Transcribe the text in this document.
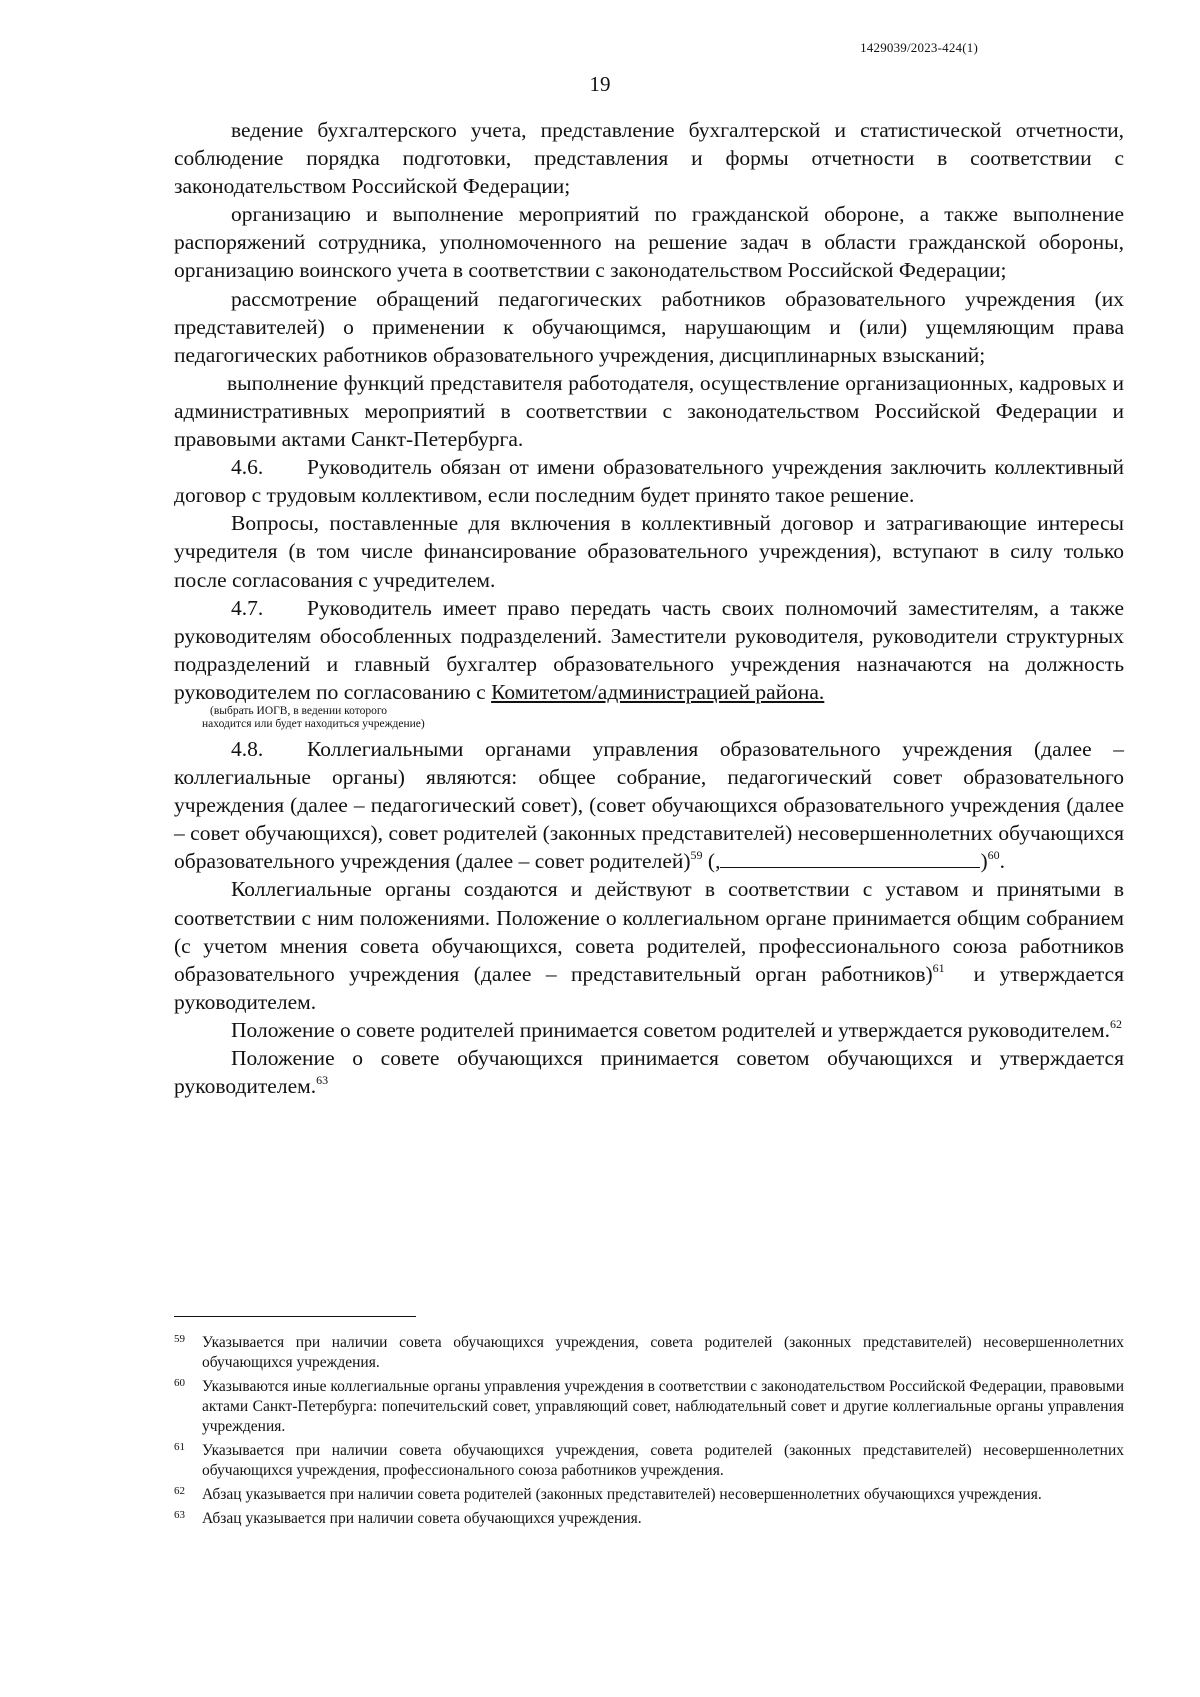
1429039/2023-424(1)
19

ведение бухгалтерского учета, представление бухгалтерской и статистической отчетности, соблюдение порядка подготовки, представления и формы отчетности в соответствии с законодательством Российской Федерации;

организацию и выполнение мероприятий по гражданской обороне, а также выполнение распоряжений сотрудника, уполномоченного на решение задач в области гражданской обороны, организацию воинского учета в соответствии с законодательством Российской Федерации;

рассмотрение обращений педагогических работников образовательного учреждения (их представителей) о применении к обучающимся, нарушающим и (или) ущемляющим права педагогических работников образовательного учреждения, дисциплинарных взысканий;

выполнение функций представителя работодателя, осуществление организационных, кадровых и административных мероприятий в соответствии с законодательством Российской Федерации и правовыми актами Санкт-Петербурга.

4.6. Руководитель обязан от имени образовательного учреждения заключить коллективный договор с трудовым коллективом, если последним будет принято такое решение.

Вопросы, поставленные для включения в коллективный договор и затрагивающие интересы учредителя (в том числе финансирование образовательного учреждения), вступают в силу только после согласования с учредителем.

4.7. Руководитель имеет право передать часть своих полномочий заместителям, а также руководителям обособленных подразделений. Заместители руководителя, руководители структурных подразделений и главный бухгалтер образовательного учреждения назначаются на должность руководителем по согласованию с Комитетом/администрацией района.

(выбрать ИОГВ, в ведении которого
находится или будет находиться учреждение)

4.8. Коллегиальными органами управления образовательного учреждения (далее – коллегиальные органы) являются: общее собрание, педагогический совет образовательного учреждения (далее – педагогический совет), (совет обучающихся образовательного учреждения (далее – совет обучающихся), совет родителей (законных представителей) несовершеннолетних обучающихся образовательного учреждения (далее – совет родителей)$^{59}$ (,	)$^{60}$.

Коллегиальные органы создаются и действуют в соответствии с уставом и принятыми в соответствии с ним положениями. Положение о коллегиальном органе принимается общим собранием (с учетом мнения совета обучающихся, совета родителей, профессионального союза работников образовательного учреждения (далее – представительный орган работников)$^{61}$  и утверждается руководителем.

Положение о совете родителей принимается советом родителей и утверждается руководителем.$^{62}$

Положение о совете обучающихся принимается советом обучающихся и утверждается руководителем.$^{63}$

59 Указывается при наличии совета обучающихся учреждения, совета родителей (законных представителей) несовершеннолетних обучающихся учреждения.

60 Указываются иные коллегиальные органы управления учреждения в соответствии с законодательством Российской Федерации, правовыми актами Санкт-Петербурга: попечительский совет, управляющий совет, наблюдательный совет и другие коллегиальные органы управления учреждения.

61 Указывается при наличии совета обучающихся учреждения, совета родителей (законных представителей) несовершеннолетних обучающихся учреждения, профессионального союза работников учреждения.

62 Абзац указывается при наличии совета родителей (законных представителей) несовершеннолетних обучающихся учреждения.

63 Абзац указывается при наличии совета обучающихся учреждения.
